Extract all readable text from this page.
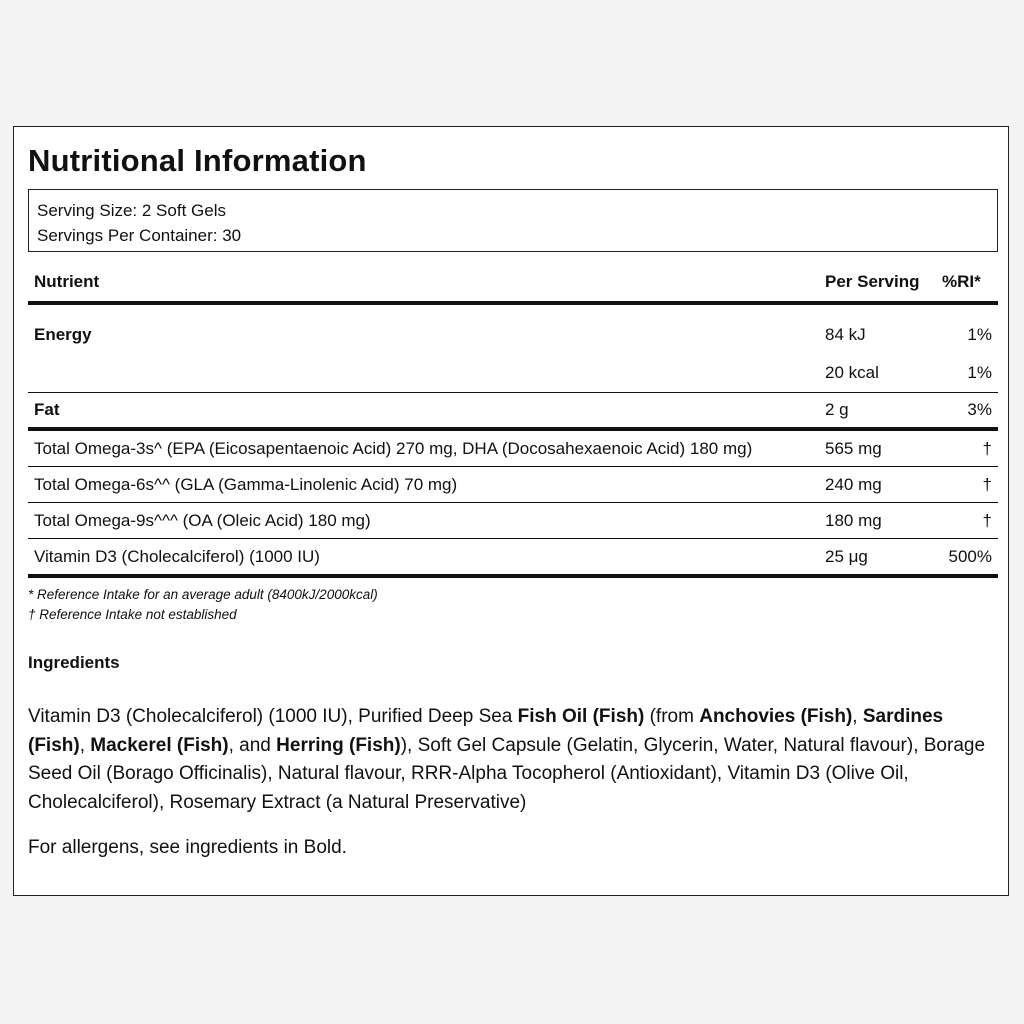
Nutritional Information
Serving Size: 2 Soft Gels
Servings Per Container: 30
Nutrient	Per Serving	%RI*
Energy	84 kJ	1%
	20 kcal	1%
Fat	2 g	3%
Total Omega-3s^ (EPA (Eicosapentaenoic Acid) 270 mg, DHA (Docosahexaenoic Acid) 180 mg)	565 mg	†
Total Omega-6s^^ (GLA (Gamma-Linolenic Acid) 70 mg)	240 mg	†
Total Omega-9s^^^ (OA (Oleic Acid) 180 mg)	180 mg	†
Vitamin D3 (Cholecalciferol) (1000 IU)	25 μg	500%
* Reference Intake for an average adult (8400kJ/2000kcal)
† Reference Intake not established
Ingredients
Vitamin D3 (Cholecalciferol) (1000 IU), Purified Deep Sea Fish Oil (Fish) (from Anchovies (Fish), Sardines (Fish), Mackerel (Fish), and Herring (Fish)), Soft Gel Capsule (Gelatin, Glycerin, Water, Natural flavour), Borage Seed Oil (Borago Officinalis), Natural flavour, RRR-Alpha Tocopherol (Antioxidant), Vitamin D3 (Olive Oil, Cholecalciferol), Rosemary Extract (a Natural Preservative)
For allergens, see ingredients in Bold.
